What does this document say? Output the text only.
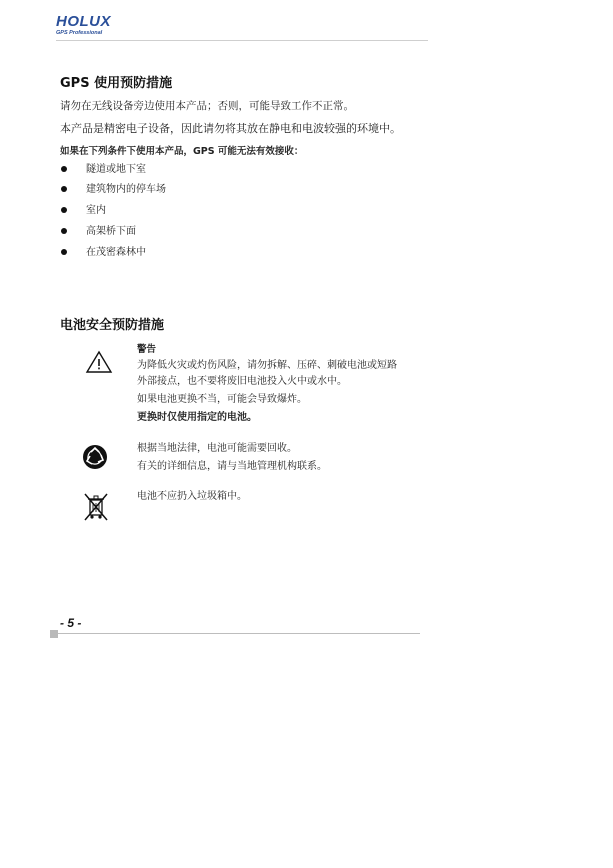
HOLUX
GPS Professional
GPS 使用预防措施
请勿在无线设备旁边使用本产品；否则，可能导致工作不正常。
本产品是精密电子设备，因此请勿将其放在静电和电波较强的环境中。
如果在下列条件下使用本产品，GPS 可能无法有效接收：
隧道或地下室
建筑物内的停车场
室内
高架桥下面
在茂密森林中
电池安全预防措施
警告
为降低火灾或灼伤风险，请勿拆解、压碎、刺破电池或短路
外部接点，也不要将废旧电池投入火中或水中。
如果电池更换不当，可能会导致爆炸。
更换时仅使用指定的电池。
根据当地法律，电池可能需要回收。
有关的详细信息，请与当地管理机构联系。
电池不应扔入垃圾箱中。
- 5 -
